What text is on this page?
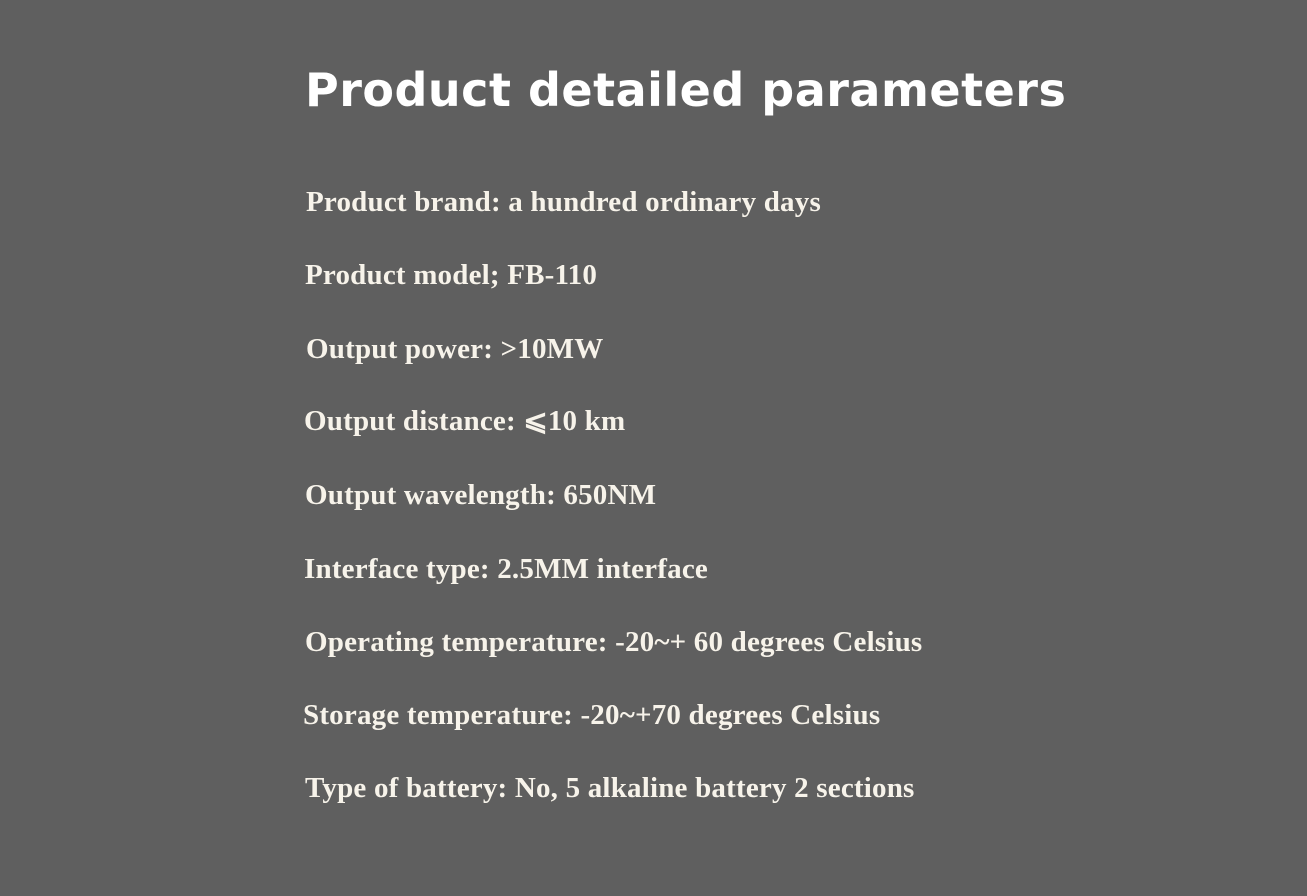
Product detailed parameters
Product brand: a hundred ordinary days
Product model; FB-110
Output power: >10MW
Output distance: ⩽10 km
Output wavelength: 650NM
Interface type: 2.5MM interface
Operating temperature: -20~+ 60 degrees Celsius
Storage temperature: -20~+70 degrees Celsius
Type of battery: No, 5 alkaline battery 2 sections
